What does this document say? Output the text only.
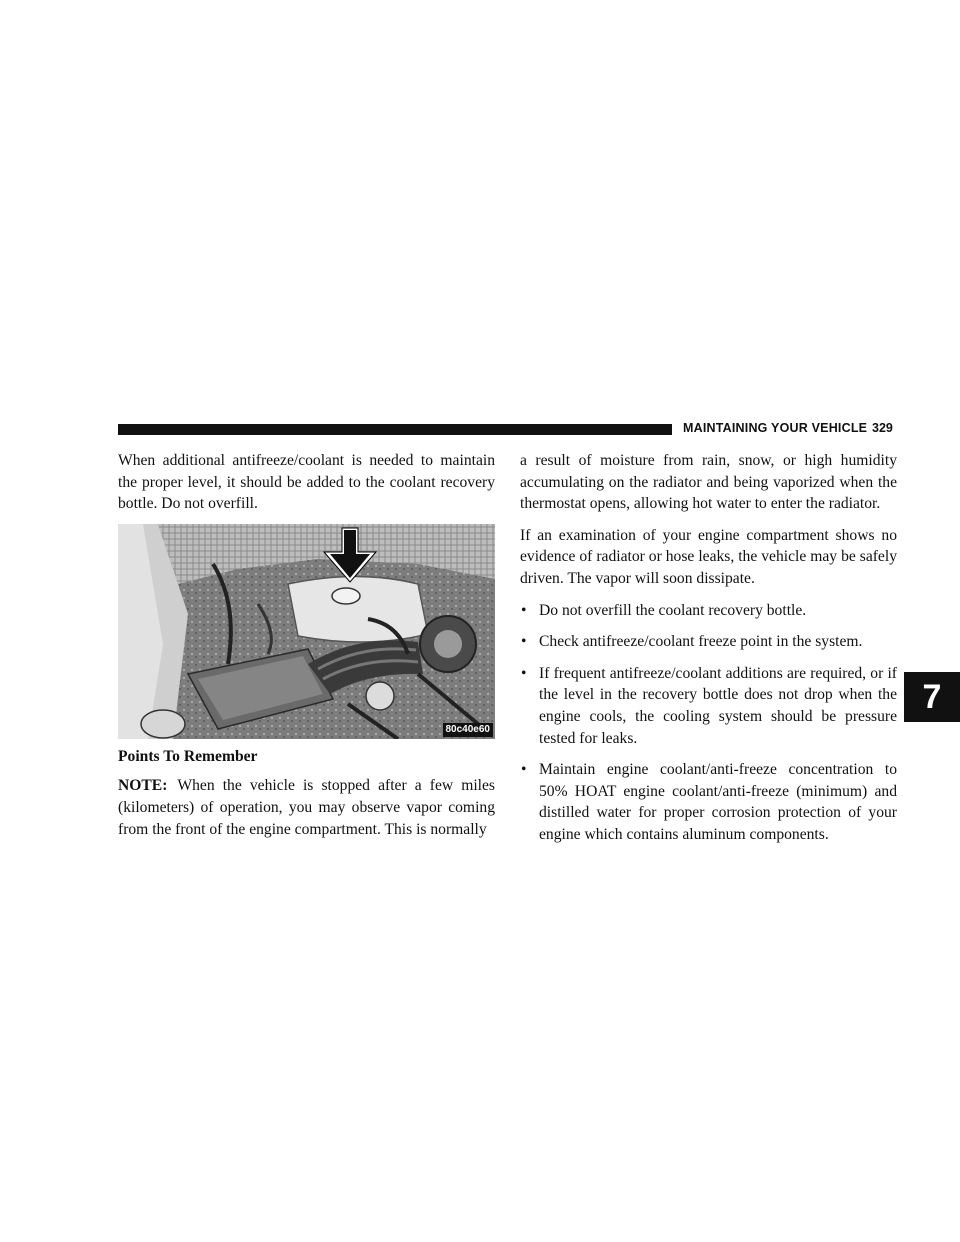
MAINTAINING YOUR VEHICLE 329

When additional antifreeze/coolant is needed to maintain the proper level, it should be added to the coolant recovery bottle. Do not overfill.

80c40e60

Points To Remember

NOTE: When the vehicle is stopped after a few miles (kilometers) of operation, you may observe vapor coming from the front of the engine compartment. This is normally

a result of moisture from rain, snow, or high humidity accumulating on the radiator and being vaporized when the thermostat opens, allowing hot water to enter the radiator.

If an examination of your engine compartment shows no evidence of radiator or hose leaks, the vehicle may be safely driven. The vapor will soon dissipate.

• Do not overfill the coolant recovery bottle.
• Check antifreeze/coolant freeze point in the system.
• If frequent antifreeze/coolant additions are required, or if the level in the recovery bottle does not drop when the engine cools, the cooling system should be pressure tested for leaks.
• Maintain engine coolant/anti-freeze concentration to 50% HOAT engine coolant/anti-freeze (minimum) and distilled water for proper corrosion protection of your engine which contains aluminum components.
7
